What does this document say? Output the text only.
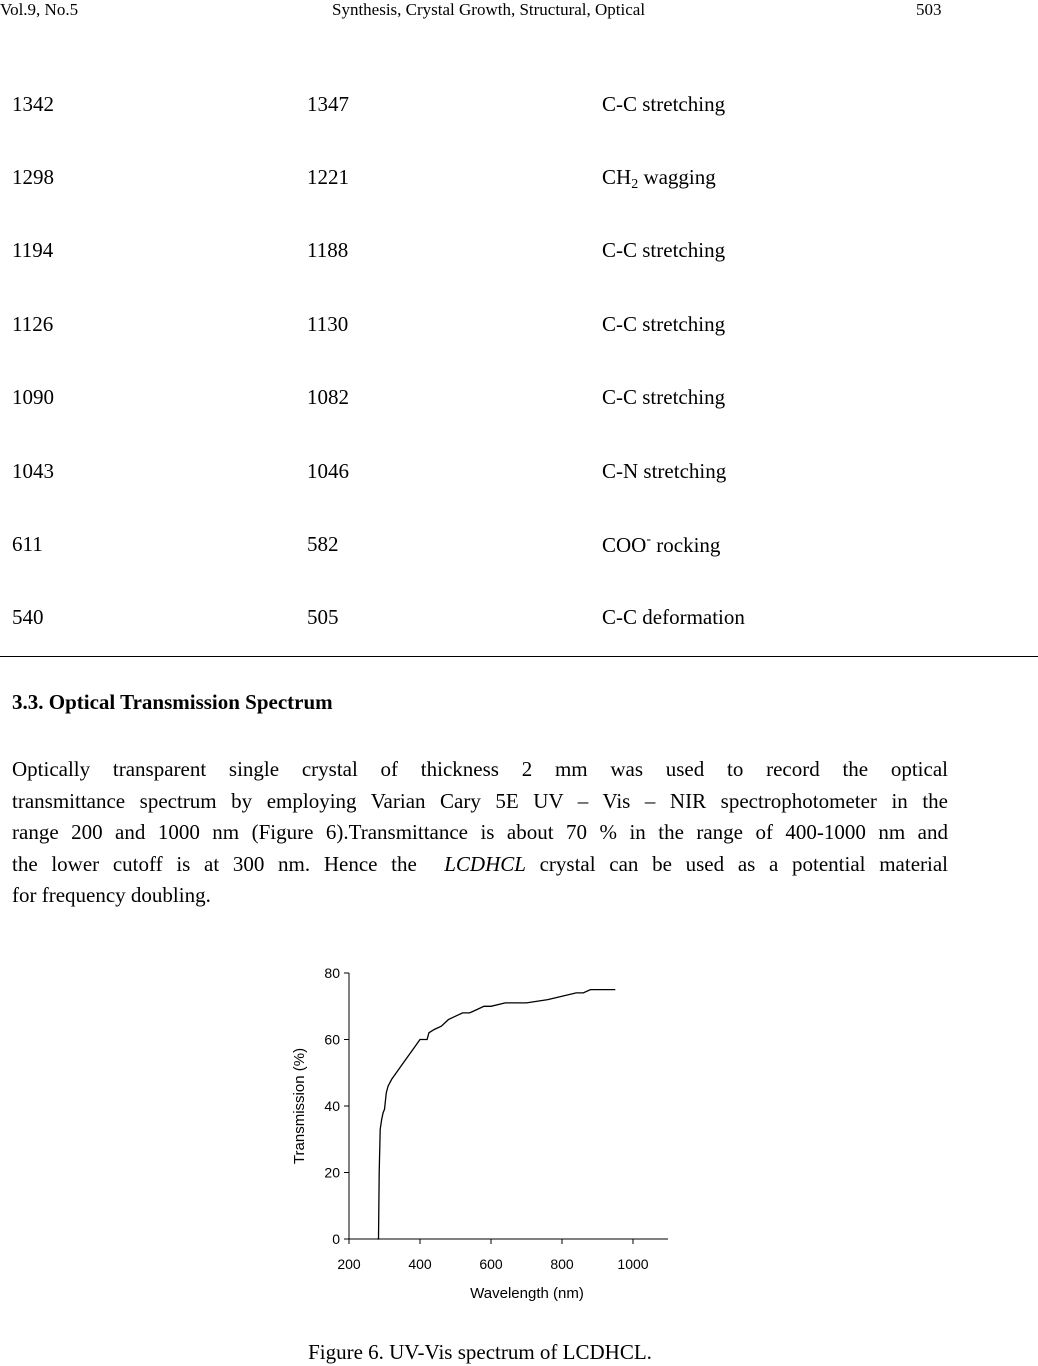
Vol.9, No.5	Synthesis, Crystal Growth, Structural, Optical	503
1342	1347	C-C stretching
1298	1221	$CH_2$ wagging
1194	1188	C-C stretching
1126	1130	C-C stretching
1090	1082	C-C stretching
1043	1046	C-N stretching
611	582	COO- rocking
540	505	C-C deformation
3.3. Optical Transmission Spectrum
Optically transparent single crystal of thickness 2 mm was used to record the optical
transmittance spectrum by employing Varian Cary 5E UV – Vis – NIR spectrophotometer in the
range 200 and 1000 nm (Figure 6).Transmittance is about 70 % in the range of 400-1000 nm and
the lower cutoff is at 300 nm. Hence the  LCDHCL crystal can be used as a potential material
for frequency doubling.
0
20
40
60
80
200	400	600	800	1000
Wavelength (nm)
Transmission (%)
Figure 6. UV-Vis spectrum of LCDHCL.
